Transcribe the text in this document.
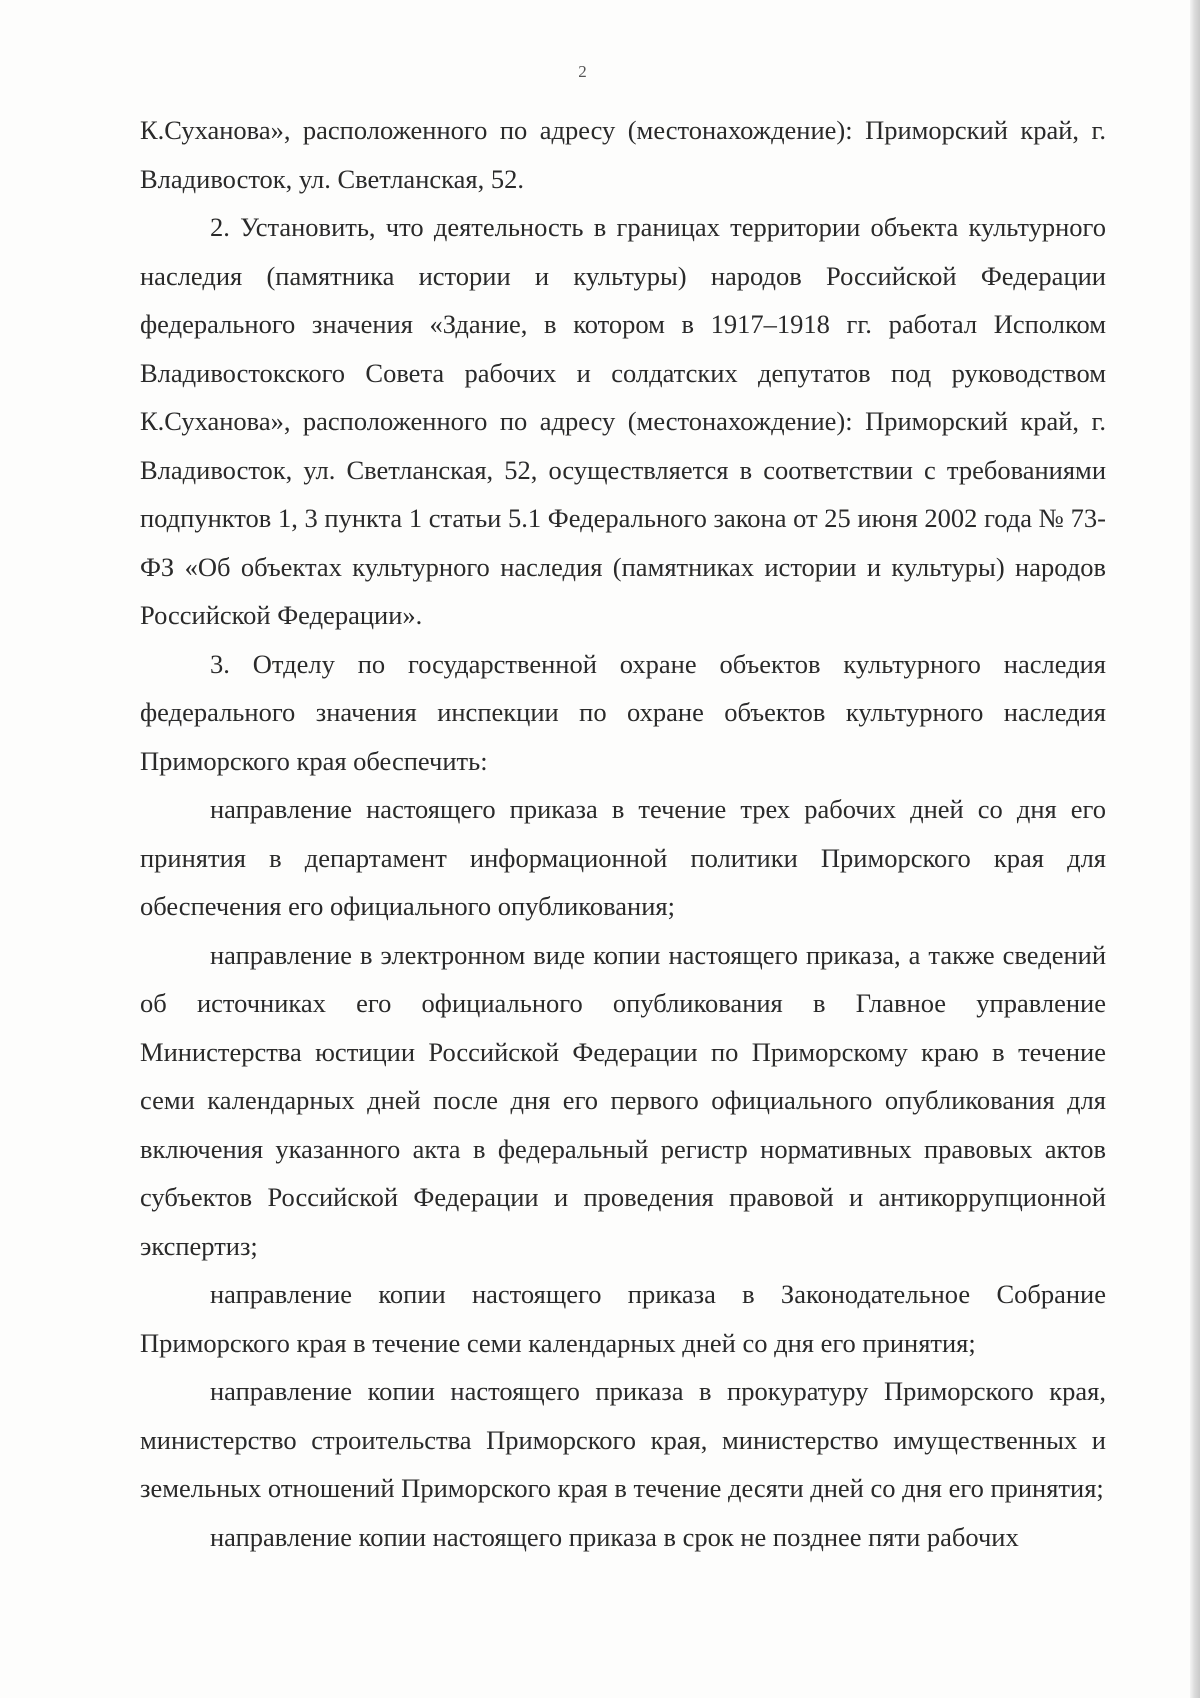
2

К.Суханова», расположенного по адресу (местонахождение): Приморский край, г. Владивосток, ул. Светланская, 52.

2. Установить, что деятельность в границах территории объекта культурного наследия (памятника истории и культуры) народов Российской Федерации федерального значения «Здание, в котором в 1917–1918 гг. работал Исполком Владивостокского Совета рабочих и солдатских депутатов под руководством К.Суханова», расположенного по адресу (местонахождение): Приморский край, г. Владивосток, ул. Светланская, 52, осуществляется в соответствии с требованиями подпунктов 1, 3 пункта 1 статьи 5.1 Федерального закона от 25 июня 2002 года № 73-ФЗ «Об объектах культурного наследия (памятниках истории и культуры) народов Российской Федерации».

3. Отделу по государственной охране объектов культурного наследия федерального значения инспекции по охране объектов культурного наследия Приморского края обеспечить:

направление настоящего приказа в течение трех рабочих дней со дня его принятия в департамент информационной политики Приморского края для обеспечения его официального опубликования;

направление в электронном виде копии настоящего приказа, а также сведений об источниках его официального опубликования в Главное управление Министерства юстиции Российской Федерации по Приморскому краю в течение семи календарных дней после дня его первого официального опубликования для включения указанного акта в федеральный регистр нормативных правовых актов субъектов Российской Федерации и проведения правовой и антикоррупционной экспертиз;

направление копии настоящего приказа в Законодательное Собрание Приморского края в течение семи календарных дней со дня его принятия;

направление копии настоящего приказа в прокуратуру Приморского края, министерство строительства Приморского края, министерство имущественных и земельных отношений Приморского края в течение десяти дней со дня его принятия;

направление копии настоящего приказа в срок не позднее пяти рабочих
